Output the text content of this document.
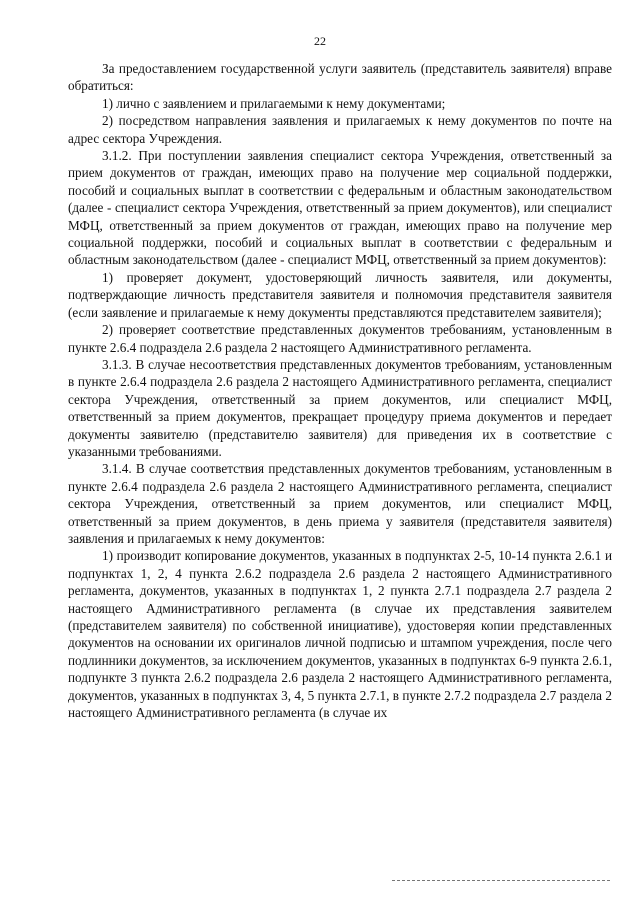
22

За предоставлением государственной услуги заявитель (представитель заявителя) вправе обратиться:

1) лично с заявлением и прилагаемыми к нему документами;

2) посредством направления заявления и прилагаемых к нему документов по почте на адрес сектора Учреждения.

3.1.2. При поступлении заявления специалист сектора Учреждения, ответственный за прием документов от граждан, имеющих право на получение мер социальной поддержки, пособий и социальных выплат в соответствии с федеральным и областным законодательством (далее - специалист сектора Учреждения, ответственный за прием документов), или специалист МФЦ, ответственный за прием документов от граждан, имеющих право на получение мер социальной поддержки, пособий и социальных выплат в соответствии с федеральным и областным законодательством (далее - специалист МФЦ, ответственный за прием документов):

1) проверяет документ, удостоверяющий личность заявителя, или документы, подтверждающие личность представителя заявителя и полномочия представителя заявителя (если заявление и прилагаемые к нему документы представляются представителем заявителя);

2) проверяет соответствие представленных документов требованиям, установленным в пункте 2.6.4 подраздела 2.6 раздела 2 настоящего Административного регламента.

3.1.3. В случае несоответствия представленных документов требованиям, установленным в пункте 2.6.4 подраздела 2.6 раздела 2 настоящего Административного регламента, специалист сектора Учреждения, ответственный за прием документов, или специалист МФЦ, ответственный за прием документов, прекращает процедуру приема документов и передает документы заявителю (представителю заявителя) для приведения их в соответствие с указанными требованиями.

3.1.4. В случае соответствия представленных документов требованиям, установленным в пункте 2.6.4 подраздела 2.6 раздела 2 настоящего Административного регламента, специалист сектора Учреждения, ответственный за прием документов, или специалист МФЦ, ответственный за прием документов, в день приема у заявителя (представителя заявителя) заявления и прилагаемых к нему документов:

1) производит копирование документов, указанных в подпунктах 2-5, 10-14 пункта 2.6.1 и подпунктах 1, 2, 4 пункта 2.6.2 подраздела 2.6 раздела 2 настоящего Административного регламента, документов, указанных в подпунктах 1, 2 пункта 2.7.1 подраздела 2.7 раздела 2 настоящего Административного регламента (в случае их представления заявителем (представителем заявителя) по собственной инициативе), удостоверяя копии представленных документов на основании их оригиналов личной подписью и штампом учреждения, после чего подлинники документов, за исключением документов, указанных в подпунктах 6-9 пункта 2.6.1, подпункте 3 пункта 2.6.2 подраздела 2.6 раздела 2 настоящего Административного регламента, документов, указанных в подпунктах 3, 4, 5 пункта 2.7.1, в пункте 2.7.2 подраздела 2.7 раздела 2 настоящего Административного регламента (в случае их
